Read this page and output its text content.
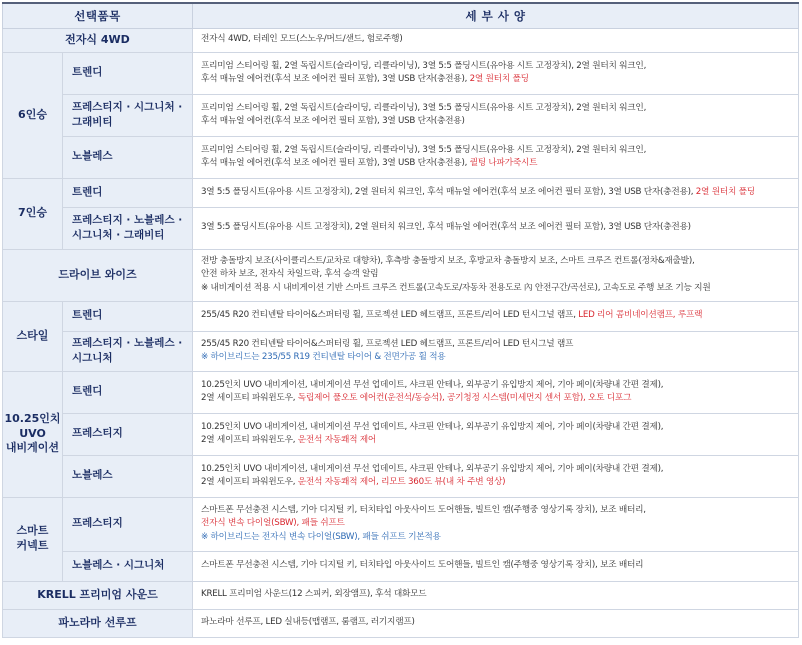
선택품목		세 부 사 양
전자식 4WD		전자식 4WD, 터레인 모드(스노우/머드/샌드, 험로주행)

6인승	트렌디	프리미엄 스티어링 휠, 2열 독립시트(슬라이딩, 리클라이닝), 3열 5:5 폴딩시트(유아용 시트 고정장치), 2열 원터치 워크인,
후석 매뉴얼 에어컨(후석 보조 에어컨 필터 포함), 3열 USB 단자(충전용), 2열 원터치 폴딩

	프레스티지 · 시그니처 ·
그래비티	프리미엄 스티어링 휠, 2열 독립시트(슬라이딩, 리클라이닝), 3열 5:5 폴딩시트(유아용 시트 고정장치), 2열 원터치 워크인,
후석 매뉴얼 에어컨(후석 보조 에어컨 필터 포함), 3열 USB 단자(충전용)

	노블레스	프리미엄 스티어링 휠, 2열 독립시트(슬라이딩, 리클라이닝), 3열 5:5 폴딩시트(유아용 시트 고정장치), 2열 원터치 워크인,
후석 매뉴얼 에어컨(후석 보조 에어컨 필터 포함), 3열 USB 단자(충전용), 퀼팅 나파가죽시트

7인승	트렌디	3열 5:5 폴딩시트(유아용 시트 고정장치), 2열 원터치 워크인, 후석 매뉴얼 에어컨(후석 보조 에어컨 필터 포함), 3열 USB 단자(충전용), 2열 원터치 폴딩

	프레스티지 · 노블레스 ·
시그니처 · 그래비티	3열 5:5 폴딩시트(유아용 시트 고정장치), 2열 원터치 워크인, 후석 매뉴얼 에어컨(후석 보조 에어컨 필터 포함), 3열 USB 단자(충전용)

드라이브 와이즈		전방 충돌방지 보조(사이클리스트/교차로 대향차), 후측방 충돌방지 보조, 후방교차 충돌방지 보조, 스마트 크루즈 컨트롤(정차&재출발),
안전 하차 보조, 전자식 차일드락, 후석 승객 알림
※ 내비게이션 적용 시 내비게이션 기반 스마트 크루즈 컨트롤(고속도로/자동차 전용도로 內 안전구간/곡선로), 고속도로 주행 보조 기능 지원

스타일	트렌디	255/45 R20 컨티넨탈 타이어&스퍼터링 휠, 프로젝션 LED 헤드램프, 프론트/리어 LED 턴시그널 램프, LED 리어 콤비네이션램프, 루프랙

	프레스티지 · 노블레스 ·
시그니처	255/45 R20 컨티넨탈 타이어&스퍼터링 휠, 프로젝션 LED 헤드램프, 프론트/리어 LED 턴시그널 램프
※ 하이브리드는 235/55 R19 컨티넨탈 타이어 & 전면가공 휠 적용

10.25인치
UVO
내비게이션	트렌디	10.25인치 UVO 내비게이션, 내비게이션 무선 업데이트, 샤크핀 안테나, 외부공기 유입방지 제어, 기아 페이(차량내 간편 결제),
2열 세이프티 파워윈도우, 독립제어 풀오토 에어컨(운전석/동승석), 공기청정 시스템(미세먼지 센서 포함), 오토 디포그

	프레스티지	10.25인치 UVO 내비게이션, 내비게이션 무선 업데이트, 샤크핀 안테나, 외부공기 유입방지 제어, 기아 페이(차량내 간편 결제),
2열 세이프티 파워윈도우, 운전석 자동쾌적 제어

	노블레스	10.25인치 UVO 내비게이션, 내비게이션 무선 업데이트, 샤크핀 안테나, 외부공기 유입방지 제어, 기아 페이(차량내 간편 결제),
2열 세이프티 파워윈도우, 운전석 자동쾌적 제어, 리모트 360도 뷰(내 차 주변 영상)

스마트
커넥트	프레스티지	스마트폰 무선충전 시스템, 기아 디지털 키, 터치타입 아웃사이드 도어핸들, 빌트인 캠(주행중 영상기록 장치), 보조 배터리,
전자식 변속 다이얼(SBW), 패들 쉬프트
※ 하이브리드는 전자식 변속 다이얼(SBW), 패들 쉬프트 기본적용

	노블레스 · 시그니처	스마트폰 무선충전 시스템, 기아 디지털 키, 터치타입 아웃사이드 도어핸들, 빌트인 캠(주행중 영상기록 장치), 보조 배터리

KRELL 프리미엄 사운드		KRELL 프리미엄 사운드(12 스피커, 외장앰프), 후석 대화모드

파노라마 선루프		파노라마 선루프, LED 실내등(맵램프, 룸램프, 러기지램프)
